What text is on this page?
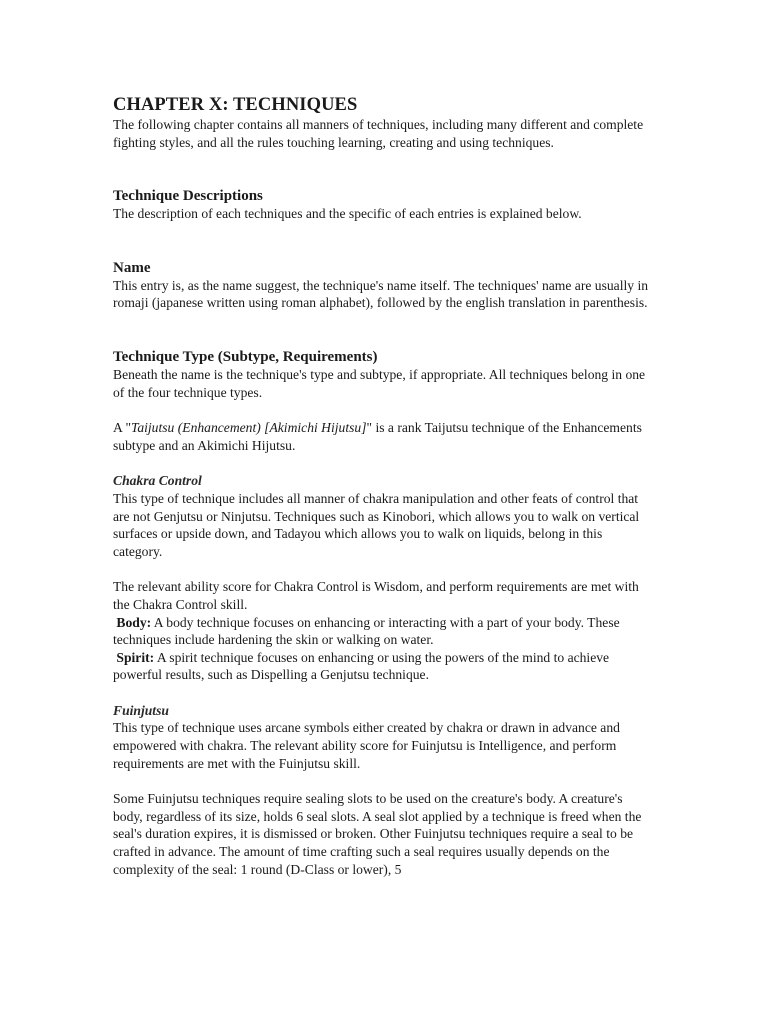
CHAPTER X: TECHNIQUES

The following chapter contains all manners of techniques, including many different and complete fighting styles, and all the rules touching learning, creating and using techniques.

Technique Descriptions

The description of each techniques and the specific of each entries is explained below.

Name

This entry is, as the name suggest, the technique's name itself. The techniques' name are usually in romaji (japanese written using roman alphabet), followed by the english translation in parenthesis.

Technique Type (Subtype, Requirements)

Beneath the name is the technique's type and subtype, if appropriate. All techniques belong in one of the four technique types.

A "Taijutsu (Enhancement) [Akimichi Hijutsu]" is a rank Taijutsu technique of the Enhancements subtype and an Akimichi Hijutsu.

Chakra Control

This type of technique includes all manner of chakra manipulation and other feats of control that are not Genjutsu or Ninjutsu. Techniques such as Kinobori, which allows you to walk on vertical surfaces or upside down, and Tadayou which allows you to walk on liquids, belong in this category.

The relevant ability score for Chakra Control is Wisdom, and perform requirements are met with the Chakra Control skill.

Body: A body technique focuses on enhancing or interacting with a part of your body. These techniques include hardening the skin or walking on water.

Spirit: A spirit technique focuses on enhancing or using the powers of the mind to achieve powerful results, such as Dispelling a Genjutsu technique.

Fuinjutsu

This type of technique uses arcane symbols either created by chakra or drawn in advance and empowered with chakra. The relevant ability score for Fuinjutsu is Intelligence, and perform requirements are met with the Fuinjutsu skill.

Some Fuinjutsu techniques require sealing slots to be used on the creature's body. A creature's body, regardless of its size, holds 6 seal slots. A seal slot applied by a technique is freed when the seal's duration expires, it is dismissed or broken. Other Fuinjutsu techniques require a seal to be crafted in advance. The amount of time crafting such a seal requires usually depends on the complexity of the seal: 1 round (D-Class or lower), 5
